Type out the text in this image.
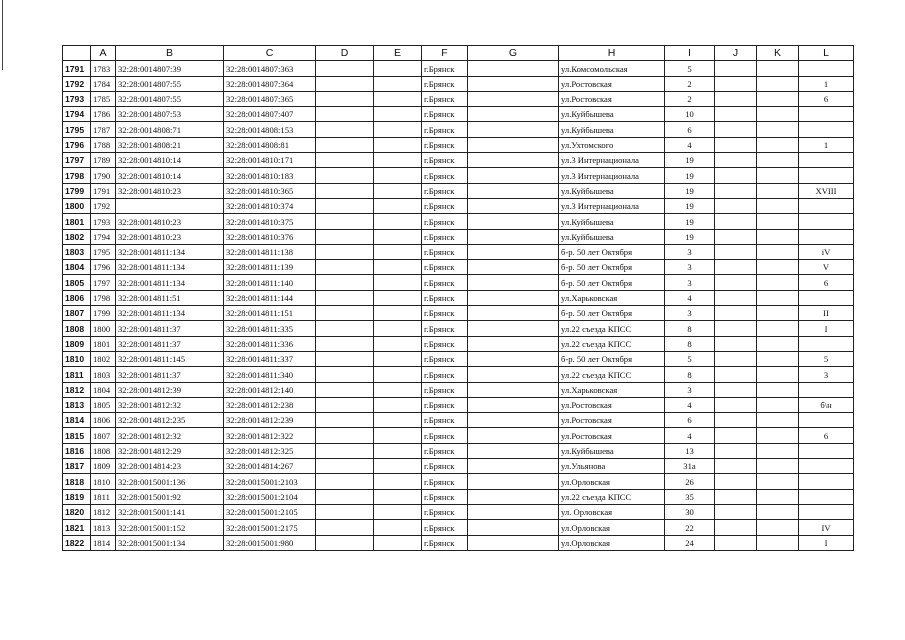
	A	B	C	D	E	F	G	H	I	J	K	L
1791	1783	32:28:0014807:39	32:28:0014807:363			г.Брянск		ул.Комсомольская	5			
1792	1784	32:28:0014807:55	32:28:0014807:364			г.Брянск		ул.Ростовская	2			1
1793	1785	32:28:0014807:55	32:28:0014807:365			г.Брянск		ул.Ростовская	2			6
1794	1786	32:28:0014807:53	32:28:0014807:407			г.Брянск		ул.Куйбышева	10			
1795	1787	32:28:0014808:71	32:28:0014808:153			г.Брянск		ул.Куйбышева	6			
1796	1788	32:28:0014808:21	32:28:0014808:81			г.Брянск		ул.Ухтомского	4			1
1797	1789	32:28:0014810:14	32:28:0014810:171			г.Брянск		ул.3 Интернационала	19			
1798	1790	32:28:0014810:14	32:28:0014810:183			г.Брянск		ул.3 Интернационала	19			
1799	1791	32:28:0014810:23	32:28:0014810:365			г.Брянск		ул.Куйбышева	19			XVIII
1800	1792		32:28:0014810:374			г.Брянск		ул.3 Интернационала	19			
1801	1793	32:28:0014810:23	32:28:0014810:375			г.Брянск		ул.Куйбышева	19			
1802	1794	32:28:0014810:23	32:28:0014810:376			г.Брянск		ул.Куйбышева	19			
1803	1795	32:28:0014811:134	32:28:0014811:138			г.Брянск		б-р. 50 лет Октября	3			iV
1804	1796	32:28:0014811:134	32:28:0014811:139			г.Брянск		б-р. 50 лет Октября	3			V
1805	1797	32:28:0014811:134	32:28:0014811:140			г.Брянск		б-р. 50 лет Октября	3			6
1806	1798	32:28:0014811:51	32:28:0014811:144			г.Брянск		ул.Харьковская	4			
1807	1799	32:28:0014811:134	32:28:0014811:151			г.Брянск		б-р. 50 лет Октября	3			II
1808	1800	32:28:0014811:37	32:28:0014811:335			г.Брянск		ул.22 съезда КПСС	8			I
1809	1801	32:28:0014811:37	32:28:0014811:336			г.Брянск		ул.22 съезда КПСС	8			
1810	1802	32:28:0014811:145	32:28:0014811:337			г.Брянск		б-р. 50 лет Октября	5			5
1811	1803	32:28:0014811:37	32:28:0014811:340			г.Брянск		ул.22 съезда КПСС	8			3
1812	1804	32:28:0014812:39	32:28:0014812:140			г.Брянск		ул.Харьковская	3			
1813	1805	32:28:0014812:32	32:28:0014812:238			г.Брянск		ул.Ростовская	4			б\н
1814	1806	32:28:0014812:235	32:28:0014812:239			г.Брянск		ул.Ростовская	6			
1815	1807	32:28:0014812:32	32:28:0014812:322			г.Брянск		ул.Ростовская	4			6
1816	1808	32:28:0014812:29	32:28:0014812:325			г.Брянск		ул.Куйбышева	13			
1817	1809	32:28:0014814:23	32:28:0014814:267			г.Брянск		ул.Ульянова	31а			
1818	1810	32:28:0015001:136	32:28:0015001:2103			г.Брянск		ул.Орловская	26			
1819	1811	32:28:0015001:92	32:28:0015001:2104			г.Брянск		ул.22 съезда КПСС	35			
1820	1812	32:28:0015001:141	32:28:0015001:2105			г.Брянск		ул. Орловская	30			
1821	1813	32:28:0015001:152	32:28:0015001:2175			г.Брянск		ул.Орловская	22			IV
1822	1814	32:28:0015001:134	32:28:0015001:980			г.Брянск		ул.Орловская	24			I
